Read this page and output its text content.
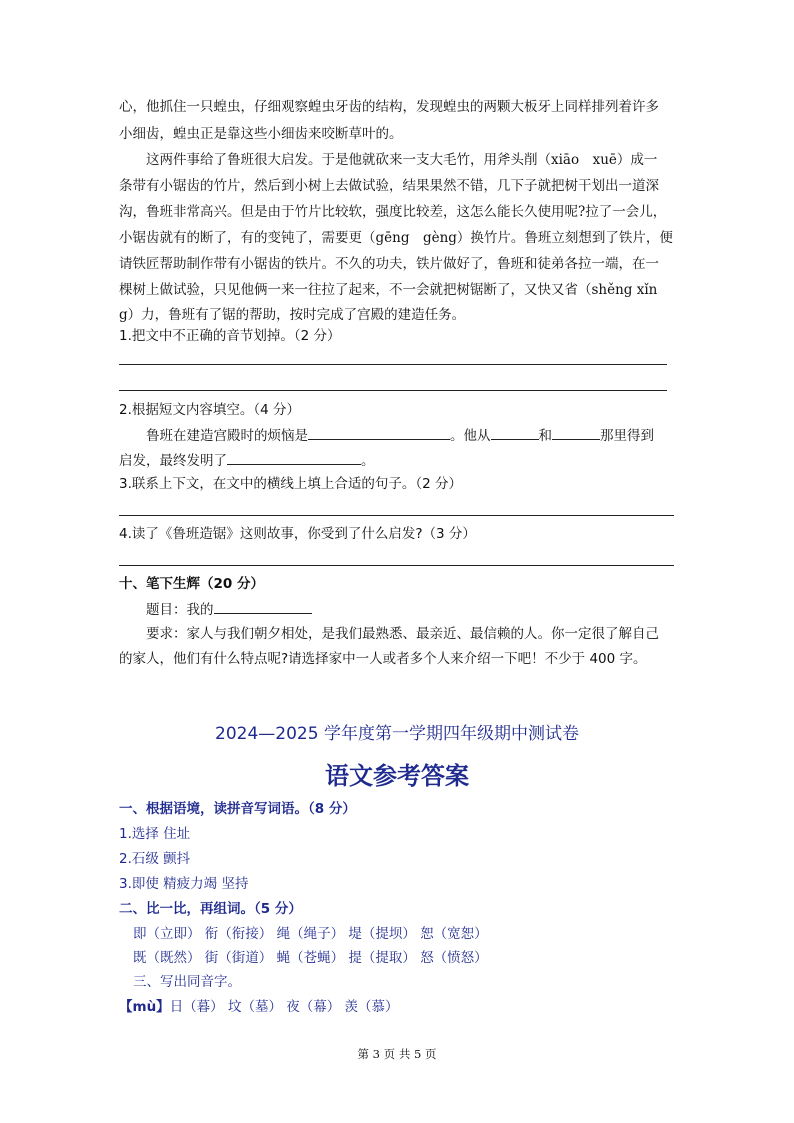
心，他抓住一只蝗虫，仔细观察蝗虫牙齿的结构，发现蝗虫的两颗大板牙上同样排列着许多

小细齿，蝗虫正是靠这些小细齿来咬断草叶的。

这两件事给了鲁班很大启发。于是他就砍来一支大毛竹，用斧头削（xiāo　xuē）成一

条带有小锯齿的竹片，然后到小树上去做试验，结果果然不错，几下子就把树干划出一道深

沟，鲁班非常高兴。但是由于竹片比较软，强度比较差，这怎么能长久使用呢?拉了一会儿，

小锯齿就有的断了，有的变钝了，需要更（gēng　gèng）换竹片。鲁班立刻想到了铁片，便

请铁匠帮助制作带有小锯齿的铁片。不久的功夫，铁片做好了，鲁班和徒弟各拉一端，在一

棵树上做试验，只见他俩一来一往拉了起来，不一会就把树锯断了，又快又省（shěng xǐn

g）力，鲁班有了锯的帮助，按时完成了宫殿的建造任务。

1.把文中不正确的音节划掉。（2 分）

2.根据短文内容填空。（4 分）

鲁班在建造宫殿时的烦恼是	。他从	和	那里得到

启发，最终发明了	。

3.联系上下文，在文中的横线上填上合适的句子。（2 分）

4.读了《鲁班造锯》这则故事，你受到了什么启发?（3 分）

十、笔下生辉（20 分）

题目：我的

要求：家人与我们朝夕相处，是我们最熟悉、最亲近、最信赖的人。你一定很了解自己

的家人，他们有什么特点呢?请选择家中一人或者多个人来介绍一下吧！不少于 400 字。

2024—2025 学年度第一学期四年级期中测试卷

语文参考答案

一、根据语境，读拼音写词语。（8 分）

1.选择 住址

2.石级 颤抖

3.即使 精疲力竭 坚持

二、比一比，再组词。（5 分）

即（立即） 衔（衔接） 绳（绳子） 堤（提坝） 恕（宽恕）

既（既然） 街（街道） 蝇（苍蝇） 提（提取） 怒（愤怒）

三、写出同音字。

【mù】日（暮） 坟（墓） 夜（幕） 羡（慕）

第 3 页 共 5 页
